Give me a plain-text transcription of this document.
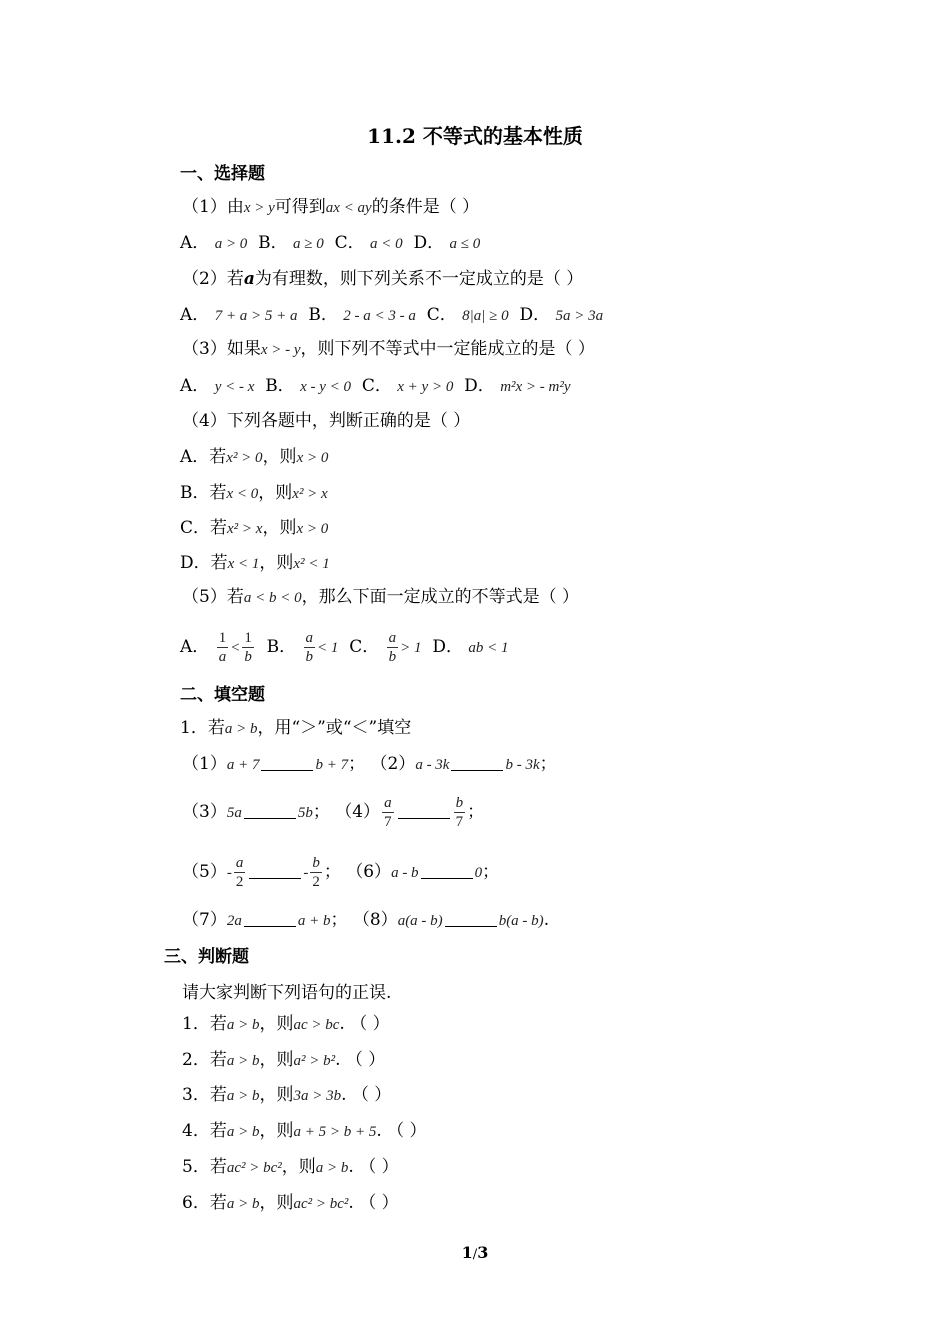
11.2 不等式的基本性质
一、选择题
（1）由x > y可得到ax < ay的条件是（ ）
A． a > 0 B． a ≥ 0 C． a < 0 D． a ≤ 0
（2）若a为有理数，则下列关系不一定成立的是（ ）
A． 7 + a > 5 + a B． 2 - a < 3 - a C． 8|a| ≥ 0 D． 5a > 3a
（3）如果x > - y，则下列不等式中一定能成立的是（ ）
A． y < - x B． x - y < 0 C． x + y > 0 D． m²x > - m²y
（4）下列各题中，判断正确的是（ ）
A．若x² > 0，则x > 0
B．若x < 0，则x² > x
C．若x² > x，则x > 0
D．若x < 1，则x² < 1
（5）若a < b < 0，那么下面一定成立的不等式是（ ）
A． $\frac{1}{a} < \frac{1}{b}$ B． $\frac{a}{b} < 1$ C． $\frac{a}{b} > 1$ D． ab < 1
二、填空题
1．若a > b，用“＞”或“＜”填空
（1）a + 7	b + 7； （2）a - 3k	b - 3k；
（3）5a	5b； $(4) \frac{a}{7}$	$\frac{b}{7}$ ；
$(5)- \frac{a}{2}$	- $\frac{b}{2}$ ； （6）a - b	0；
（7）2a	a + b； （8）a(a - b)	b(a - b).
三、判断题
请大家判断下列语句的正误.
1．若a > b，则ac > bc. （ ）
2．若a > b，则a² > b². （ ）
3．若a > b，则3a > 3b. （ ）
4．若a > b，则a + 5 > b + 5. （ ）
5．若ac² > bc²，则a > b. （ ）
6．若a > b，则ac² > bc². （ ）
1/3
